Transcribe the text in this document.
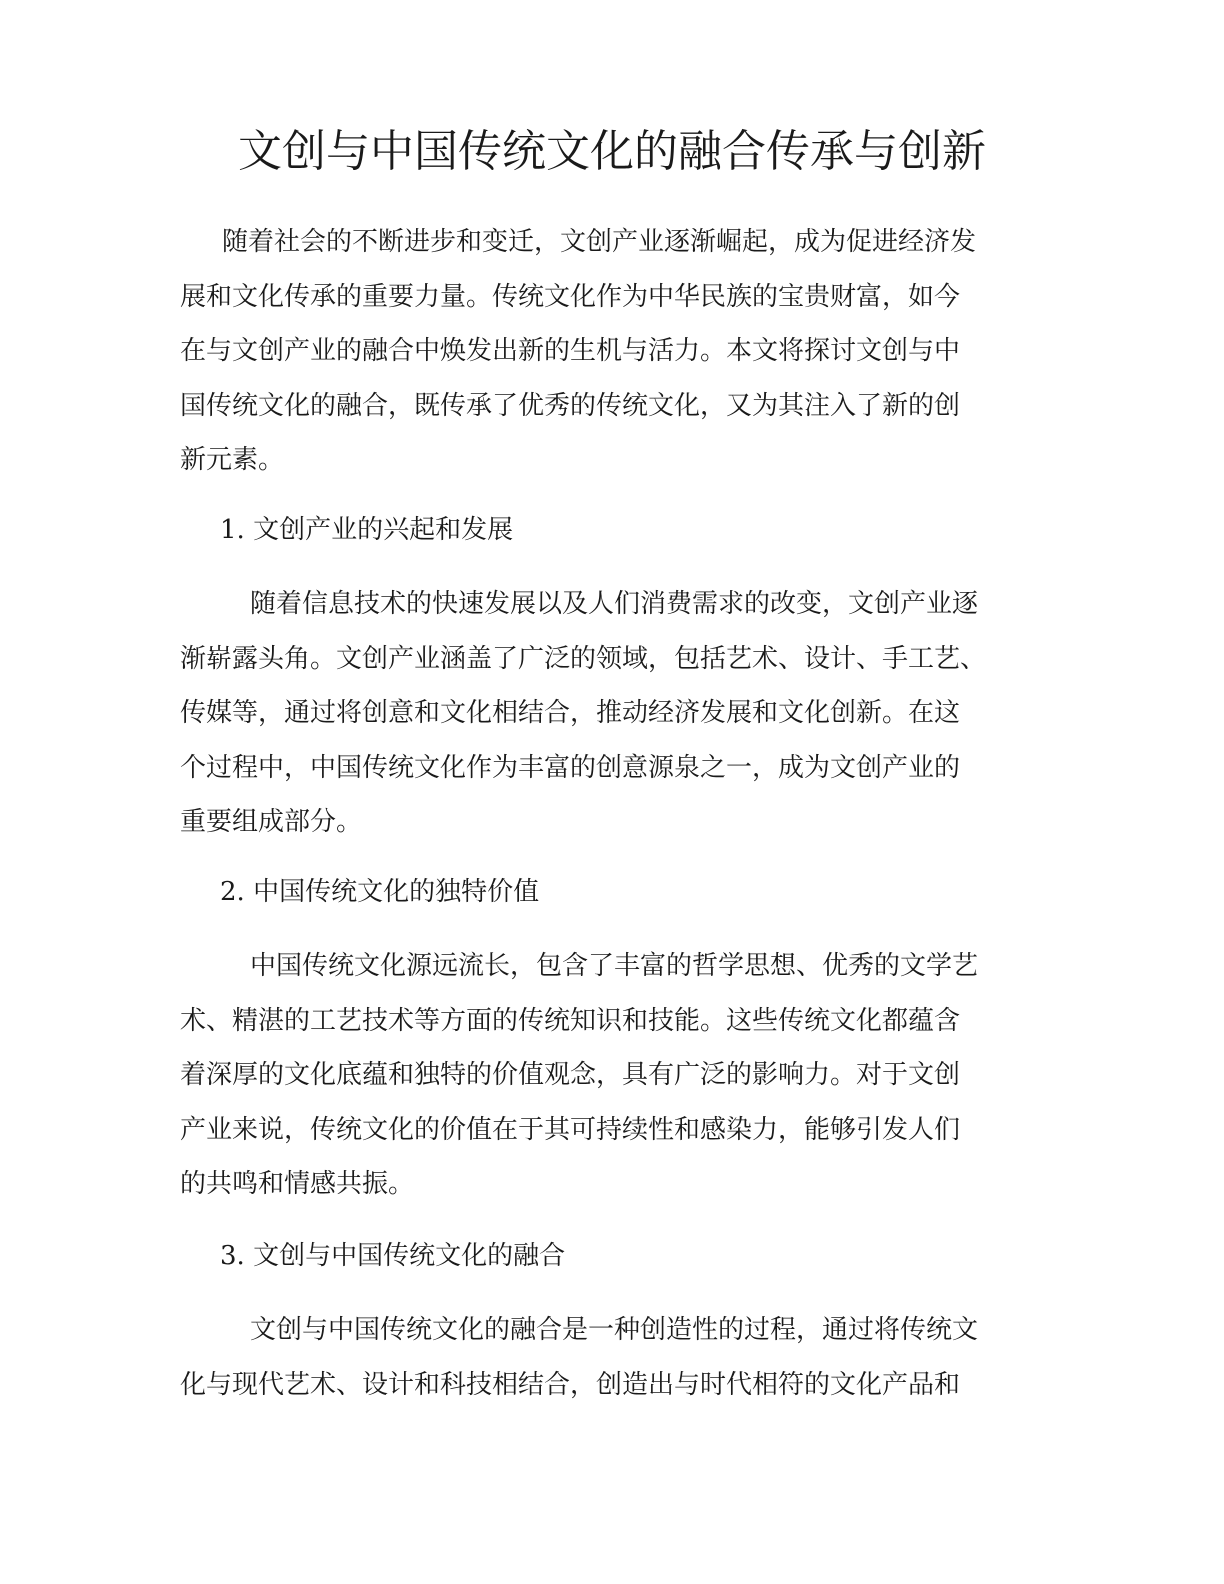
文创与中国传统文化的融合传承与创新
随着社会的不断进步和变迁，文创产业逐渐崛起，成为促进经济发
展和文化传承的重要力量。传统文化作为中华民族的宝贵财富，如今
在与文创产业的融合中焕发出新的生机与活力。本文将探讨文创与中
国传统文化的融合，既传承了优秀的传统文化，又为其注入了新的创
新元素。
1. 文创产业的兴起和发展
随着信息技术的快速发展以及人们消费需求的改变，文创产业逐
渐崭露头角。文创产业涵盖了广泛的领域，包括艺术、设计、手工艺、
传媒等，通过将创意和文化相结合，推动经济发展和文化创新。在这
个过程中，中国传统文化作为丰富的创意源泉之一，成为文创产业的
重要组成部分。
2. 中国传统文化的独特价值
中国传统文化源远流长，包含了丰富的哲学思想、优秀的文学艺
术、精湛的工艺技术等方面的传统知识和技能。这些传统文化都蕴含
着深厚的文化底蕴和独特的价值观念，具有广泛的影响力。对于文创
产业来说，传统文化的价值在于其可持续性和感染力，能够引发人们
的共鸣和情感共振。
3. 文创与中国传统文化的融合
文创与中国传统文化的融合是一种创造性的过程，通过将传统文
化与现代艺术、设计和科技相结合，创造出与时代相符的文化产品和
